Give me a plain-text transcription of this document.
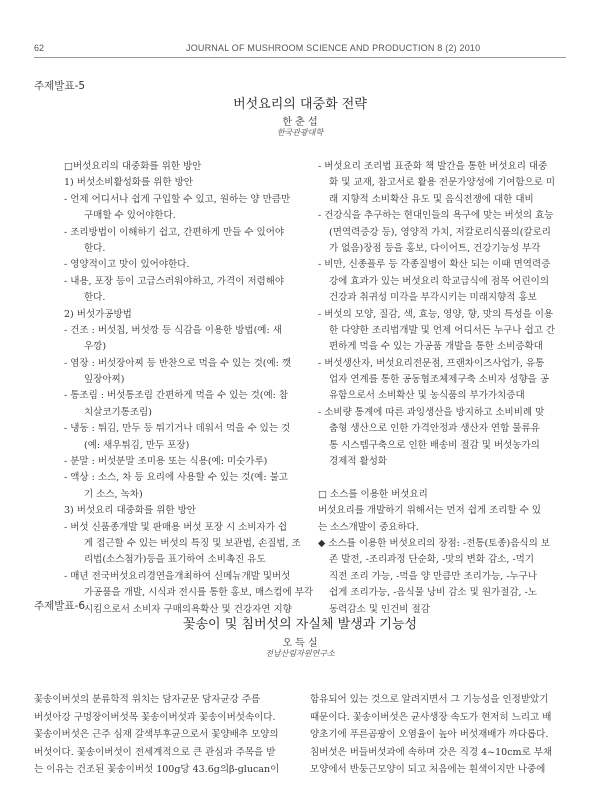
62	JOURNAL OF MUSHROOM SCIENCE AND PRODUCTION 8 (2) 2010
주제발표-5
버섯요리의 대중화 전략
한 춘 섭
한국관광대학
□버섯요리의 대중화를 위한 방안
1) 버섯소비활성화를 위한 방안
- 언제 어디서나 쉽게 구입할 수 있고, 원하는 양 만큼만
구매할 수 있어야한다.
- 조리방법이 이해하기 쉽고, 간편하게 만들 수 있어야
한다.
- 영양적이고 맛이 있어야한다.
- 내용, 포장 등이 고급스러워야하고, 가격이 저렴해야
한다.
2) 버섯가공방법
- 건조 : 버섯칩, 버섯깡 등 식감을 이용한 방법(예: 새
우깡)
- 염장 : 버섯장아찌 등 반찬으로 먹을 수 있는 것(예: 깻
잎장아찌)
- 통조림 : 버섯통조림 간편하게 먹을 수 있는 것(예: 참
치살코기통조림)
- 냉동 : 튀김, 만두 등 튀기거나 데워서 먹을 수 있는 것
(예: 새우튀김, 만두 포장)
- 분말 : 버섯분말 조미용 또는 식용(예: 미숫가루)
- 액상 : 소스, 차 등 요리에 사용할 수 있는 것(예: 불고
기 소스, 녹차)
3) 버섯요리 대중화를 위한 방안
- 버섯 신품종개발 및 판매용 버섯 포장 시 소비자가 쉽
게 접근할 수 있는 버섯의 특징 및 보관법, 손질법, 조
리법(소스첨가)등을 표기하여 소비촉진 유도
- 매년 전국버섯요리경연을개최하여 신메뉴개발 및버섯
가공품을 개발, 시식과 전시를 통한 홍보, 매스컴에 부각
시킴으로서 소비자 구매의욕확산 및 건강자연 지향
- 버섯요리 조리법 표준화 책 발간을 통한 버섯요리 대중
화 및 교재, 참고서로 활용 전문가양성에 기여함으로 미
래 지향적 소비확산 유도 및 음식전쟁에 대한 대비
- 건강식을 추구하는 현대인들의 욕구에 맞는 버섯의 효능
(면역력증강 등), 영양적 가치, 저칼로리식품의(칼로리
가 없음)장점 등을 홍보, 다이어트, 건강기능성 부각
- 비만, 신종플루 등 각종질병이 확산 되는 이때 면역력증
강에 효과가 있는 버섯요리 학교급식에 점목 어린이의
건강과 취귀성 미각을 부각시키는 미래지향적 홍보
- 버섯의 모양, 질감, 색, 효능, 영양, 향, 맛의 특성을 이용
한 다양한 조리법개발 및 언제 어디서든 누구나 쉽고 간
편하게 먹을 수 있는 가공품 개발을 통한 소비증확대
- 버섯생산자, 버섯요리전문점, 프랜차이즈사업가, 유통
업자 연계를 통한 공동협조체제구축 소비자 성향을 공
유함으로서 소비확산 및 농식품의 부가가치증대
- 소비량 통계에 따른 과잉생산을 방지하고 소비비례 맞
춤형 생산으로 인한 가격안정과 생산자 연합 물류유
통 시스템구축으로 인한 배송비 절감 및 버섯농가의
경제적 활성화
□ 소스를 이용한 버섯요리
버섯요리를 개발하기 위해서는 먼저 쉽게 조리할 수 있
는 소스개발이 중요하다.
◆ 소스를 이용한 버섯요리의 장점: -전통(토종)음식의 보
존 발전, -조리과정 단순화, -맛의 변화 감소, -먹기
직전 조리 가능, -먹을 양 만큼만 조리가능, -누구나
쉽게 조리가능, -음식물 낭비 감소 및 원가절감, -노
동력감소 및 인건비 절감
주제발표-6
꽃송이 및 침버섯의 자실체 발생과 기능성
오 득 실
전남산림자원연구소
꽃송이버섯의 분류학적 위치는 담자균문 담자균강 주름
버섯아강 구멍장이버섯목 꽃송이버섯과 꽃송이버섯속이다.
꽃송이버섯은 근주 심재 갈색부후균으로서 꽃양배추 모양의
버섯이다. 꽃송이버섯이 전세계적으로 큰 관심과 주목을 받
는 이유는 건조된 꽃송이버섯 100g당 43.6g의β-glucan이
함유되어 있는 것으로 알려지면서 그 기능성을 인정받았기
때문이다. 꽃송이버섯은 균사생장 속도가 현저히 느리고 배
양초기에 푸른곰팡이 오염율이 높아 버섯재배가 까다롭다.
침버섯은 버들버섯과에 속하며 갓은 직경 4~10cm로 부채
모양에서 반둥근모양이 되고 처음에는 흰색이지만 나중에
